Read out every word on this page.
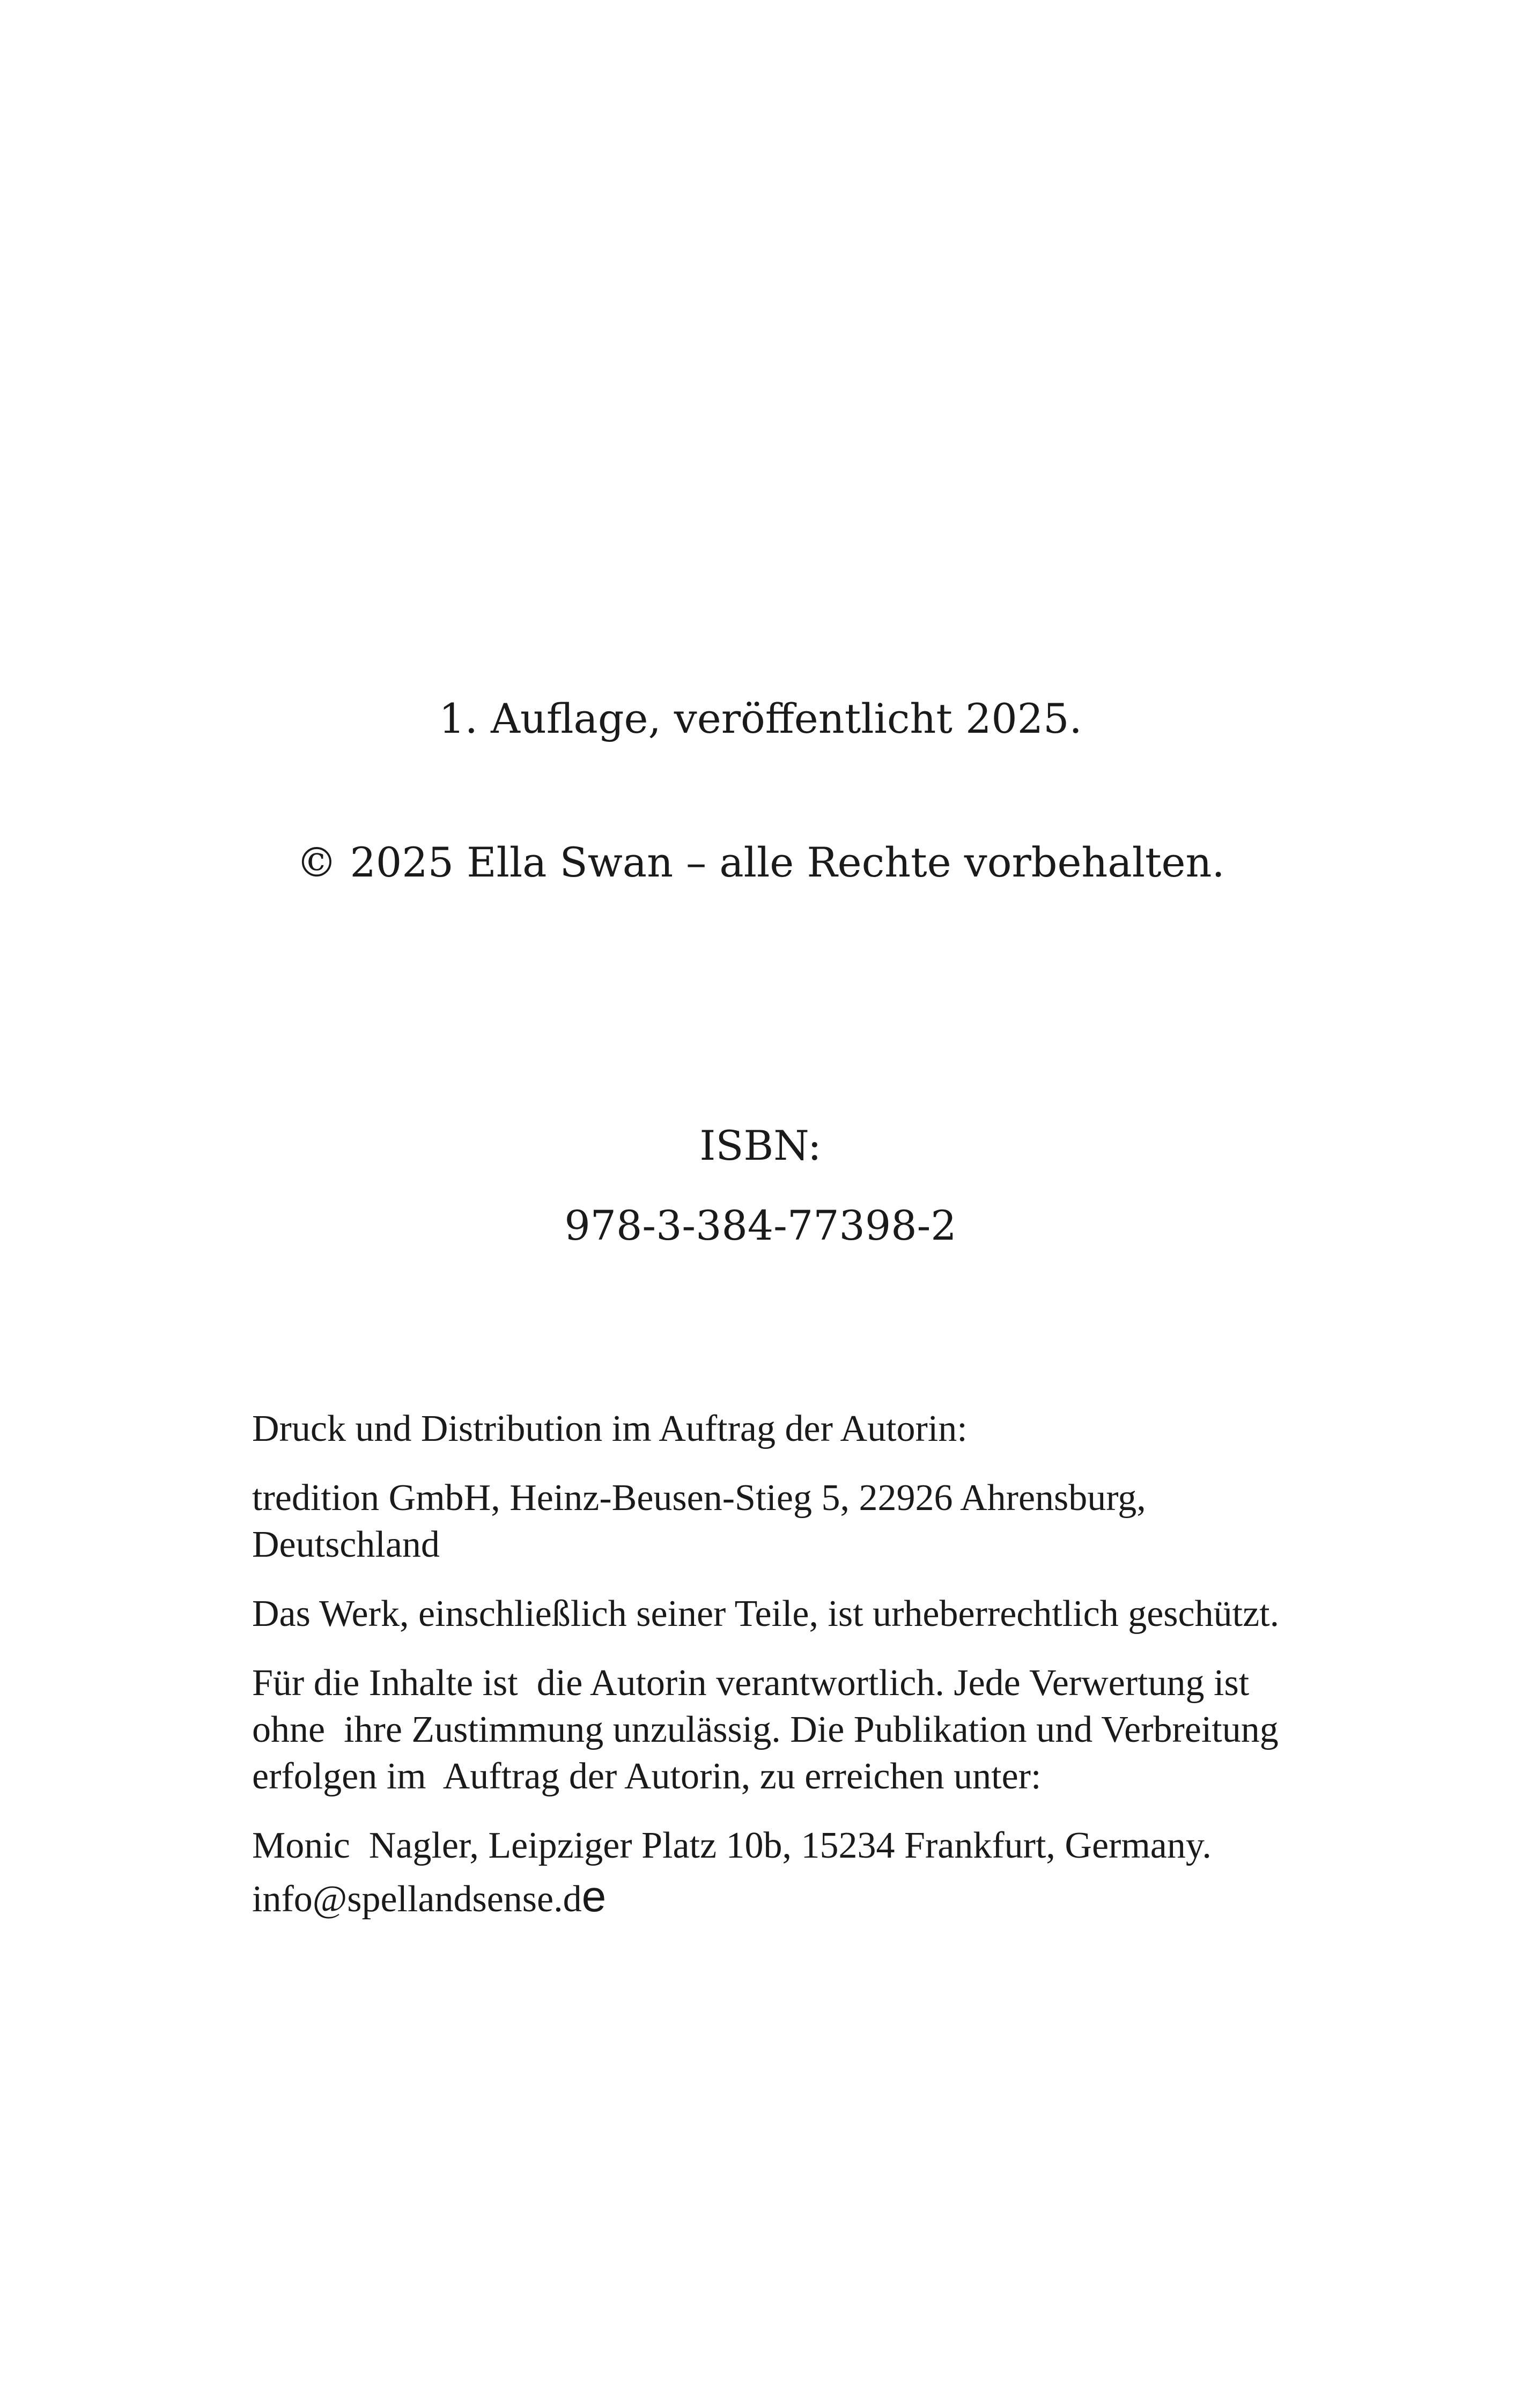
1. Auflage, veröffentlicht 2025.
© 2025 Ella Swan – alle Rechte vorbehalten.
ISBN:
978-3-384-77398-2

Druck und Distribution im Auftrag der Autorin:

tredition GmbH, Heinz-Beusen-Stieg 5, 22926 Ahrensburg,
Deutschland

Das Werk, einschließlich seiner Teile, ist urheberrechtlich geschützt.

Für die Inhalte ist  die Autorin verantwortlich. Jede Verwertung ist
ohne  ihre Zustimmung unzulässig. Die Publikation und Verbreitung
erfolgen im  Auftrag der Autorin, zu erreichen unter:

Monic  Nagler, Leipziger Platz 10b, 15234 Frankfurt, Germany.

info@spellandsense.de
